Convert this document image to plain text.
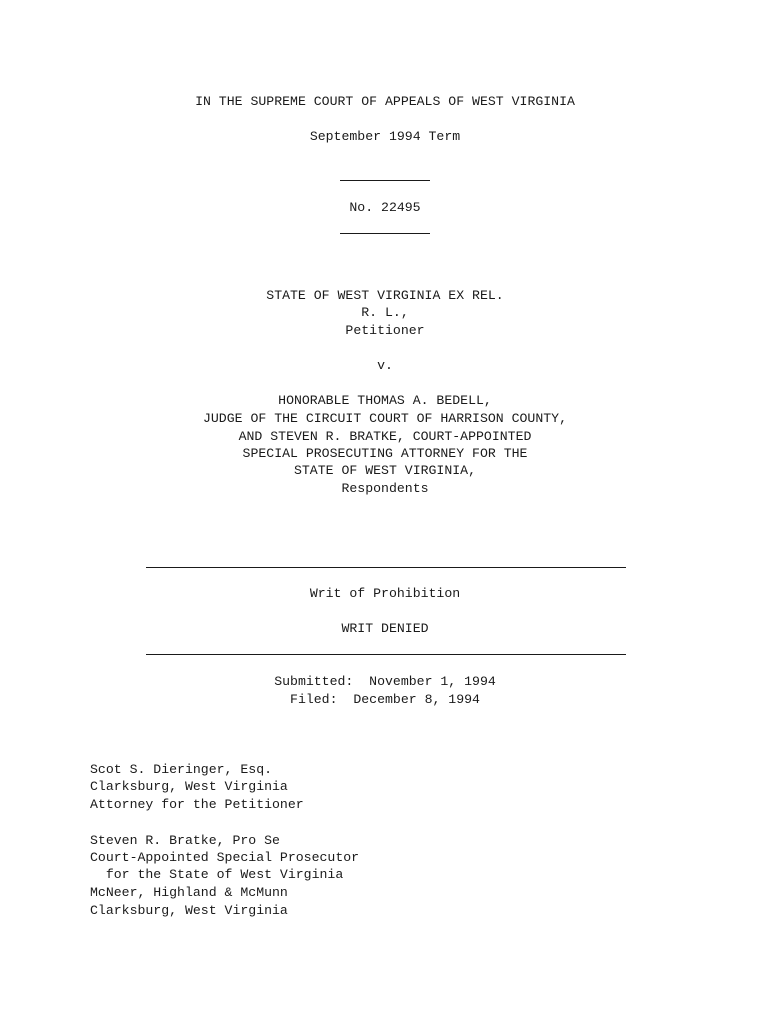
IN THE SUPREME COURT OF APPEALS OF WEST VIRGINIA
September 1994 Term
No. 22495
STATE OF WEST VIRGINIA EX REL.
R. L.,
Petitioner
v.
HONORABLE THOMAS A. BEDELL,
JUDGE OF THE CIRCUIT COURT OF HARRISON COUNTY,
AND STEVEN R. BRATKE, COURT-APPOINTED
SPECIAL PROSECUTING ATTORNEY FOR THE
STATE OF WEST VIRGINIA,
Respondents
Writ of Prohibition
WRIT DENIED
Submitted:  November 1, 1994
Filed:  December 8, 1994
Scot S. Dieringer, Esq.
Clarksburg, West Virginia
Attorney for the Petitioner
Steven R. Bratke, Pro Se
Court-Appointed Special Prosecutor
for the State of West Virginia
McNeer, Highland & McMunn
Clarksburg, West Virginia
